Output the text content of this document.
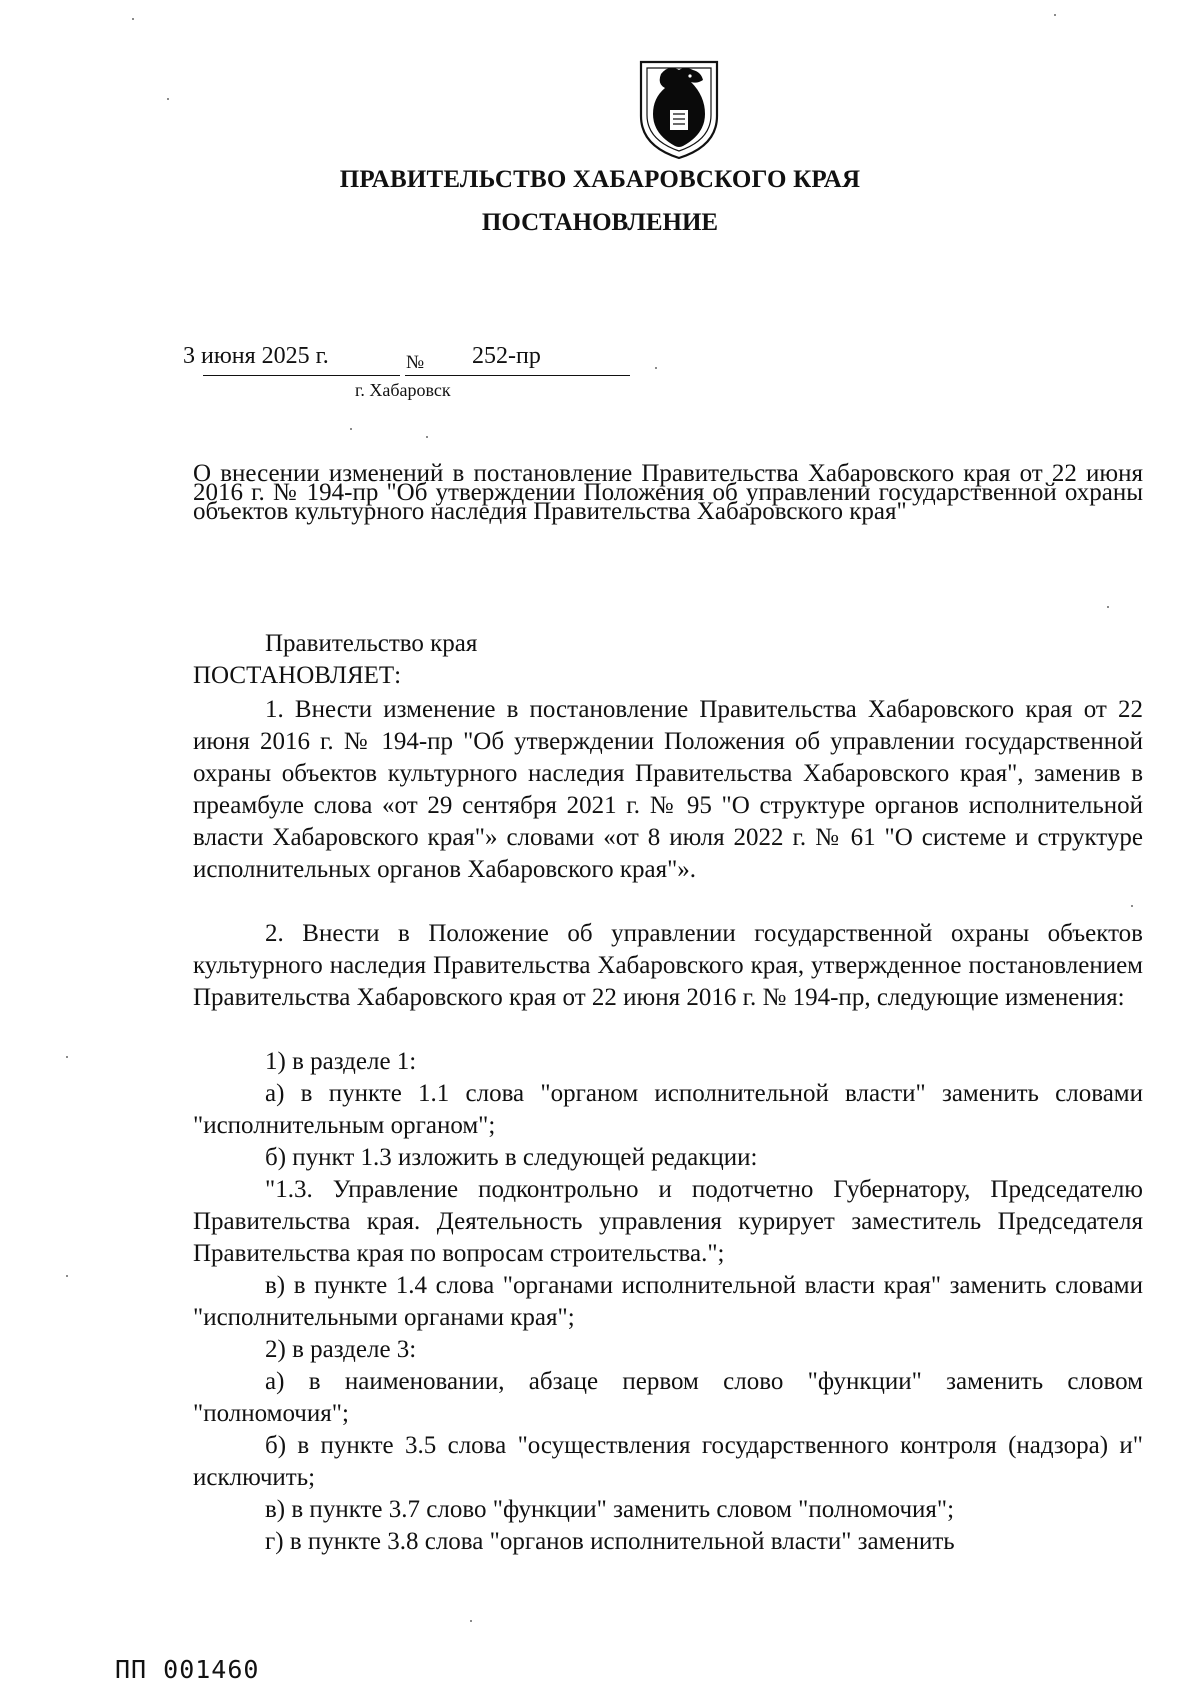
ПРАВИТЕЛЬСТВО ХАБАРОВСКОГО КРАЯ
ПОСТАНОВЛЕНИЕ
3 июня 2025 г.	№ 252-пр
г. Хабаровск

О внесении изменений в постановление Правительства Хабаровского края от 22 июня 2016 г. № 194-пр "Об утверждении Положения об управлении государственной охраны объектов культурного наследия Правительства Хабаровского края"

Правительство края
ПОСТАНОВЛЯЕТ:

1. Внести изменение в постановление Правительства Хабаровского края от 22 июня 2016 г. № 194-пр "Об утверждении Положения об управлении государственной охраны объектов культурного наследия Правительства Хабаровского края", заменив в преамбуле слова «от 29 сентября 2021 г. № 95 "О структуре органов исполнительной власти Хабаровского края"» словами «от 8 июля 2022 г. № 61 "О системе и структуре исполнительных органов Хабаровского края"».

2. Внести в Положение об управлении государственной охраны объектов культурного наследия Правительства Хабаровского края, утвержденное постановлением Правительства Хабаровского края от 22 июня 2016 г. № 194-пр, следующие изменения:

1) в разделе 1:

а) в пункте 1.1 слова "органом исполнительной власти" заменить словами "исполнительным органом";

б) пункт 1.3 изложить в следующей редакции:

"1.3. Управление подконтрольно и подотчетно Губернатору, Председателю Правительства края. Деятельность управления курирует заместитель Председателя Правительства края по вопросам строительства.";

в) в пункте 1.4 слова "органами исполнительной власти края" заменить словами "исполнительными органами края";

2) в разделе 3:

а) в наименовании, абзаце первом слово "функции" заменить словом "полномочия";

б) в пункте 3.5 слова "осуществления государственного контроля (надзора) и" исключить;

в) в пункте 3.7 слово "функции" заменить словом "полномочия";

г) в пункте 3.8 слова "органов исполнительной власти" заменить

ПП 001460
